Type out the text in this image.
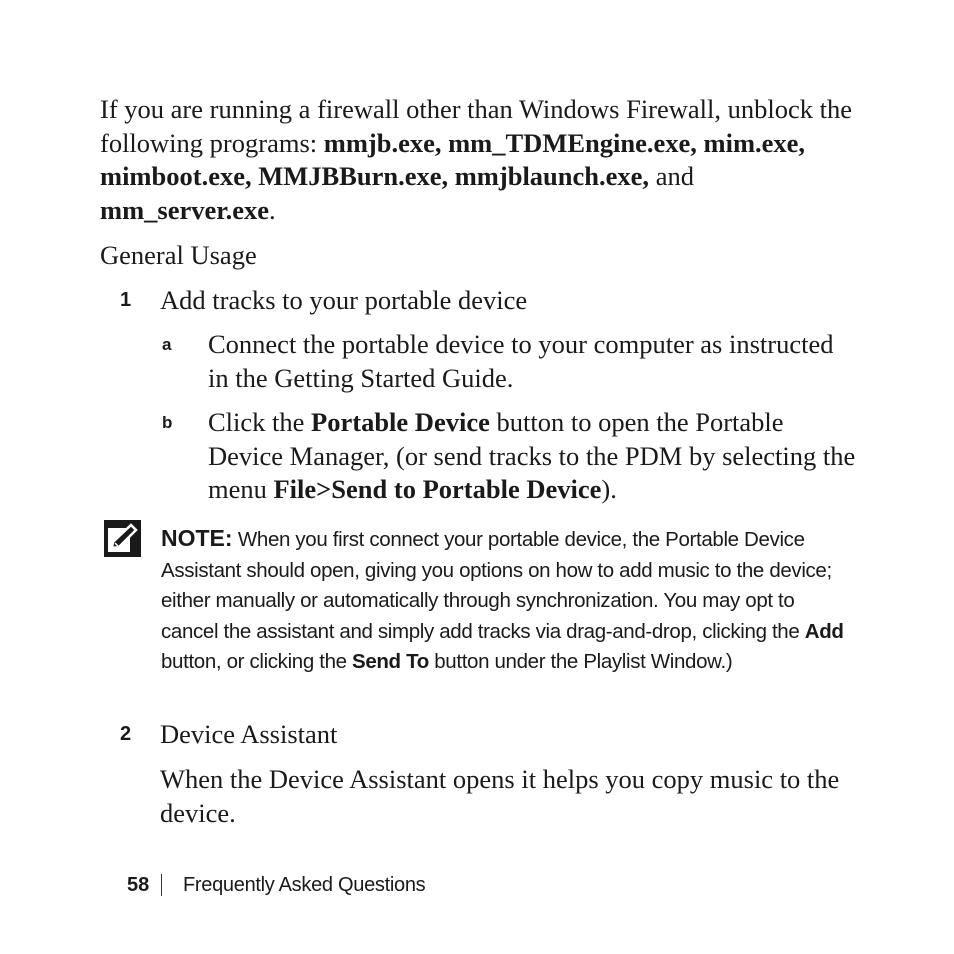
If you are running a firewall other than Windows Firewall, unblock the following programs: mmjb.exe, mm_TDMEngine.exe, mim.exe, mimboot.exe, MMJBBurn.exe, mmjblaunch.exe, and mm_server.exe.
General Usage
1 Add tracks to your portable device
a Connect the portable device to your computer as instructed in the Getting Started Guide.
b Click the Portable Device button to open the Portable Device Manager, (or send tracks to the PDM by selecting the menu File>Send to Portable Device).
NOTE: When you first connect your portable device, the Portable Device Assistant should open, giving you options on how to add music to the device; either manually or automatically through synchronization. You may opt to cancel the assistant and simply add tracks via drag-and-drop, clicking the Add button, or clicking the Send To button under the Playlist Window.)
2 Device Assistant
When the Device Assistant opens it helps you copy music to the device.
58 Frequently Asked Questions
